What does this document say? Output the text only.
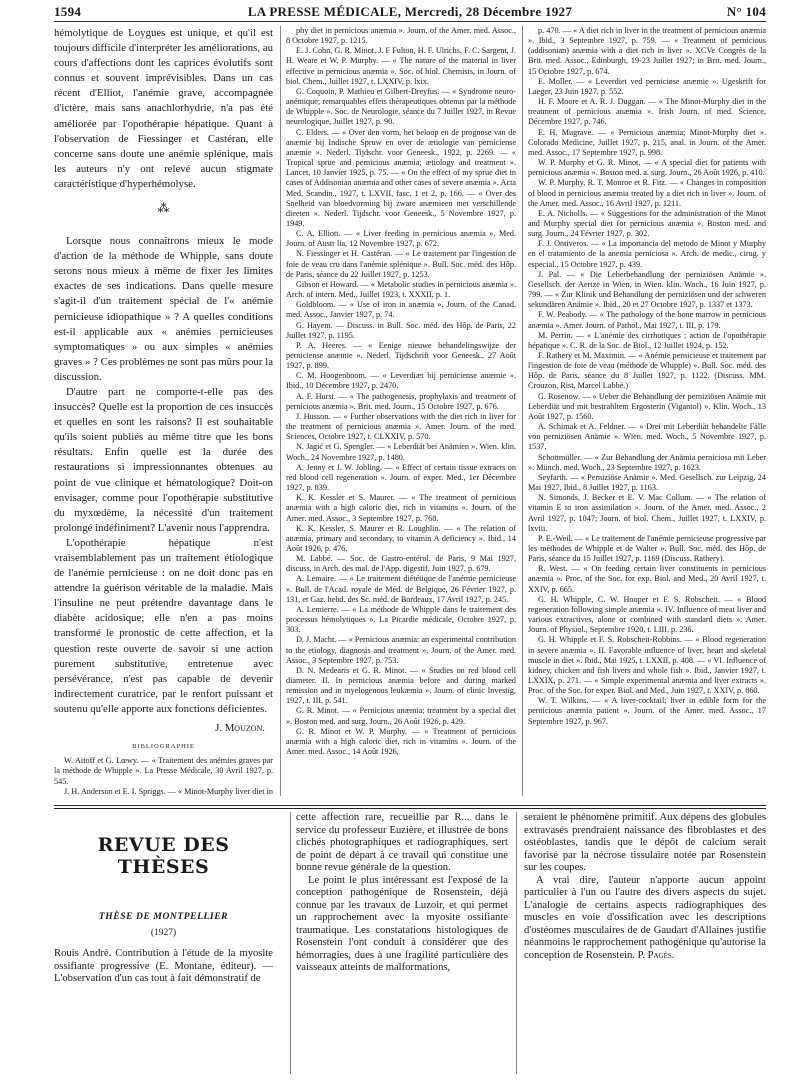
1594	LA PRESSE MÉDICALE, Mercredi, 28 Décembre 1927	N° 104

hémolytique de Loygues est unique, et qu'il est toujours difficile d'interpréter les améliorations, au cours d'affections dont les caprices évolutifs sont connus et souvent imprévisibles. Dans un cas récent d'Elliot, l'anémie grave, accompagnée d'ictère, mais sans anachlorhydrie, n'a pas été améliorée par l'opothérapie hépatique. Quant à l'observation de Fiessinger et Castéran, elle concerne sans doute une anémie splénique, mais les auteurs n'y ont relevé aucun stigmate caractéristique d'hyperhémolyse.

⁂

Lorsque nous connaîtrons mieux le mode d'action de la méthode de Whipple, sans doute serons nous mieux à même de fixer les limites exactes de ses indications. Dans quelle mesure s'agit-il d'un traitement spécial de l'« anémie pernicieuse idiopathique » ? A quelles conditions est-il applicable aux « anémies pernicieuses symptomatiques » ou aux simples « anémies graves » ? Ces problèmes ne sont pas mûrs pour la discussion.

D'autre part ne comporte-t-elle pas des insuccès? Quelle est la proportion de ces insuccès et quelles en sont les raisons? Il est souhaitable qu'ils soient publiés au même titre que les bons résultats. Enfin quelle est la durée des restaurations si impressionnantes obtenues au point de vue clinique et hématologique? Doit-on envisager, comme pour l'opothérapie substitutive du myxœdème, la nécessité d'un traitement prolongé indéfiniment? L'avenir nous l'apprendra.

L'opothérapie hépatique n'est vraisemblablement pas un traitement étiologique de l'anémie pernicieuse : on ne doit donc pas en attendre la guérison véritable de la maladie. Mais l'insuline ne peut prétendre davantage dans le diabète acidosique; elle n'en a pas moins transformé le pronostic de cette affection, et la question reste ouverte de savoir si une action purement substitutive, entretenue avec persévérance, n'est pas capable de devenir indirectement curatrice, par le renfort puissant et soutenu qu'elle apporte aux fonctions déficientes.

J. Mouzon.
BIBLIOGRAPHIE

W. Aitoff et G. Lœwy. — « Traitement des anémies graves par la méthode de Whipple ». La Presse Médicale, 30 Avril 1927, p. 545.

J. H. Anderson et E. I. Spriggs. — « Minot-Murphy liver diet in

phy diet in pernicious anæmia ». Journ. of the Amer. med. Assoc., 8 Octobre 1927, p. 1215.

E. J. Cohn, G. R. Minot, J. F Fulton, H. F. Ulrichs, F. C. Sargent, J. H. Weare et W. P. Murphy. — « The nature of the material in liver effective in pernicious anæmia ». Soc. of biol. Chemists, in Journ. of biol. Chem., Juillet 1927, t. LXXIV, p. lxix.

G. Coquoin, P. Mathieu et Gilbert-Dreyfus. — « Syndrome neuro-anémique; remarquables effets thérapeutiques obtenus par la méthode de Whipple ». Soc. de Neurologie, séance du 7 Juillet 1927, in Revue neurologique, Juillet 1927, p. 90.

C. Elders. — « Over den vorm, het beloop en de prognose van de anæmie bij Indische Spruw en over de ætiologie van perniciense anæmie ». Nederl. Tijdschr. voor Geneesk., 1922, p. 2269. — « Tropical sprue and pernicious anæmia; ætiology and treatment ». Lancet, 10 Janvier 1925, p. 75. — « On the effect of my sprue diet in cases of Addisonian anæmia and other cases of severe anæmia ». Acta Med. Scandin., 1927, t. LXVII, fasc. 1 et 2, p. 166. — « Over des Snelheid van bloedvorming bij zware anæmieen met verschillende dieeten ». Nederl. Tijdschr. voor Geneesk., 5 Novembre 1927, p. 1949.

C. A. Elliott. — « Liver feeding in pernicious anæmia ». Med. Journ. of Austr lia, 12 Novembre 1927, p. 672.

N. Fiessinger et H. Castéran. — « Le traitement par l'ingestion de foie de veau cru dans l'anémie splénique ». Bull. Soc. méd. des Hôp. de Paris, séance du 22 Juillet 1927, p. 1253.

Gibson et Howard. — « Metabolic studies in pernicious anæmia ». Arch. of intern. Med., Juillet 1923, t. XXXII, p. 1.

Goldbloom. — « Use of iron in anæmia ». Journ. of the Canad. med. Assoc., Janvier 1927, p. 74.

G. Hayem. — Discuss. in Bull. Soc. méd. des Hôp. de Paris, 22 Juillet 1927, p. 1195.

P. A. Heeres. — « Eenige nieuwe behandelingswijze der perniciense anæmie ». Nederl. Tijdschrift voor Geneesk., 27 Août 1927, p. 899.

C. M. Hoogenboom. — « Leverdiæt bij perniciense anæmie ». Ibid., 10 Décembre 1927, p. 2470.

A. F. Hurst. — « The pathogenesis, prophylaxis and treatment of pernicious anæmia ». Brit. med. Journ., 15 Octobre 1927, p. 676.

J. Husson. — « Further observations with the diet rich in liver for the treatment of pernicious anæmia ». Amer. Journ. of the med. Sciences, Octobre 1927, t. CLXXIV, p. 570.

N. Jagić et G. Spengler. — « Leberdiät bei Anämien ». Wien. klin. Woch., 24 Novembre 1927, p. 1480.

A. Jenny et J. W. Jobling. — « Effect of certain tissue extracts on red blood cell regeneration ». Journ. of exper. Med., 1er Décembre 1927, p. 839.

K. K. Kessler et S. Maurer. — « The treatment of pernicious anæmia with a high caloric diet, rich in vitamins ». Journ. of the Amer. med. Assoc., 3 Septembre 1927, p. 768.

K. K. Kessler, S. Maurer et R. Loughlin. — « The relation of anæmia, primary and secondary, to vitamin A deficiency ». Ibid., 14 Août 1926, p. 476.

M. Labbé. — Soc. de Gastro-entérol. de Paris, 9 Mai 1927, discuss. in Arch. des mal. de l'App. digestif, Juin 1927, p. 679.

A. Lemaire. — « Le traitement diététique de l'anémie pernicieuse ». Bull. de l'Acad. royale de Méd. de Belgique, 26 Février 1927, p. 131, et Gaz. hebd. des Sc. méd. de Bordeaux, 17 Avril 1927, p. 245.

A. Lemierre. — « La méthode de Whipple dans le traitement des processus hémolytiques ». La Picardie médicale, Octobre 1927, p. 303.

D. J. Macht. — « Pernicious anæmia: an experimental contribution to the etiology, diagnosis and treatment ». Journ. of the Amer. med. Assoc., 3 Septembre 1927, p. 753.

D. N. Medearis et G. R. Minot. — « Studies on red blood cell diameter. II. In pernicious anæmia before and during marked remission and in myelogenous leukæmia ». Journ. of clinic Investig, 1927, t. III, p. 541.

G. R. Minot. — « Pernicious anæmia; treatment by a special diet ». Boston med. and surg. Journ., 26 Août 1926, p. 429.

G. R. Minot et W. P. Murphy. — « Treatment of pernicious anæmia with a high caloric diet, rich in vitamins ». Journ. of the Amer. med. Assoc., 14 Août 1926,

p. 470. — « A diet rich in liver in the treatment of pernicious anæmia ». Ibid., 3 Septembre 1927, p. 759. — « Treatment of pernicious (addisonian) anæmia with a diet rich in liver ». XCVe Congrès de la Brit. med. Assoc., Edinburgh, 19-23 Juillet 1927; in Brit. med. Journ., 15 Octobre 1927, p. 674.

E. Moller. — « Leverdiet ved perniciøse anæmie ». Ugeskrift for Laeger, 23 Juin 1927, p. 552.

H. F. Moore et A. R. J. Duggan. — « The Minot-Murphy diet in the treatment of pernicious anæmia ». Irish Journ. of med. Science, Décembre 1927, p. 746.

E. H. Mugrave. — « Pernicious anæmia; Minot-Murphy diet ». Colorado Medicine, Juillet 1927, p. 215, anal. in Journ. of the Amer. med. Assoc., 17 Septembre 1927, p. 998.

W. P. Murphy et G. R. Minot. — « A special diet for patients with pernicious anæmia ». Boston med. a. surg. Journ., 26 Août 1926, p. 410.

W. P. Murphy, R. T. Monroe et R. Fitz. — « Changes in composition of blood in pernicious anæmia treated by a diet rich in liver ». Journ. of the Amer. med. Assoc., 16 Avril 1927, p. 1211.

E. A. Nicholls. — « Suggestions for the administration of the Minot and Murphy special diet for pernicious anæmia ». Boston med. and surg. Journ., 24 Février 1927, p. 302.

F. J. Ontiveros. — « La importancia del metodo de Minot y Murphy en el tratamiento de la anemia perniciosa ». Arch. de medic., cirug. y especial., 15 Octobre 1927, p. 439.

J. Pal. — « Die Leberbehandlung der perniziösen Anämie ». Gesellsch. der Aertze in Wien, in Wien. klin. Woch., 16 Juin 1927, p. 799. — « Zur Klinik und Behandlung der perniziösen und der schweren sekundären Anämie ». Ibid., 20 et 27 Octobre 1927, p. 1337 et 1373.

F. W. Peabody. — « The pathology of the bone marrow in pernicious anæmia ». Amer. Journ. of Pathol., Mai 1927, t. III, p. 179.

M. Perrin. — « L'anémie des cirrhotiques ; action de l'opothérapie hépatique ». C. R. de la Soc. de Biol., 12 Juillet 1924, p. 152.

F. Rathery et M. Maximin. — « Anémie pernicieuse et traitement par l'ingestion de foie de veau (méthode de Whipple) ». Bull. Soc. méd. des Hôp. de Paris, séance du 8 Juillet 1927, p. 1122. (Discuss. MM. Crouzon, Rist, Marcel Labbé.)

G. Rosenow. — « Ueber die Behandlung der perniziösen Anämie mit Leberdiät und mit bestrahltem Ergosterin (Vigantol) ». Klin. Woch., 13 Août 1927, p. 1560.

A. Schimak et A. Feldner. — « Drei mit Leberdiät behandelte Fälle von perniziösen Anämie ». Wien. med. Woch., 5 Novembre 1927, p. 1537.

Schottmüller. — « Zur Behandlung der Anämia perniciosa mit Leber ». Münch. med. Woch., 23 Septembre 1927, p. 1623.

Seyfarth. — « Perniziöse Anämie ». Med. Gesellsch. zur Leipzig, 24 Mai 1927, Ibid., 8 Juillet 1927, p. 1163.

N. Simonds, J. Becker et E. V. Mac Collum. — « The relation of vitamin E to iron assimilation ». Journ. of the Amer. med. Assoc., 2 Avril 1927, p. 1047; Journ. of biol. Chem., Juillet 1927, t. LXXIV, p. lxviii.

P. E.-Weil. — « Le traitement de l'anémie pernicieuse progressive par les méthodes de Whipple et de Walter ». Bull. Soc. méd. des Hôp. de Paris, séance du 15 Juillet 1927, p. 1169 (Discuss. Rathery).

R. West. — « On feeding certain liver constituents in pernicious anæmia ». Proc. of the Soc. for exp. Biol. and Med., 20 Avril 1927, t. XXIV, p. 665.

G. H. Whipple, C. W. Hooper et F. S. Robscheit. — « Blood regeneration following simple anæmia ». IV. Influence of meat liver and various extractives, alone or combined with standard diets ». Amer. Journ. of Physiol., Septembre 1920, t. LIII, p. 236.

G. H. Whipple et F. S. Robscheit-Robbins. — « Blood regeneration in severe anæmia ». II. Favorable influence of liver, heart and skeletal muscle in diet ». Ibid., Mai 1925, t. LXXII, p. 408. — « VI. Influence of kidney, chicken and fish livers and whole fish ». Ibid., Janvier 1927, t. LXXIX, p. 271. — « Simple experimental anæmia and liver extracts ». Proc. of the Soc. for exper. Biol. and Med., Juin 1927, t. XXIV, p. 860.

W. T. Wilkins. — « A liver-cocktail; liver in edible form for the pernicious anæmia patient ». Journ. of the Amer. med. Assoc., 17 Septembre 1927, p. 967.

REVUE DES THÈSES
THÈSE DE MONTPELLIER
(1927)

Rouis André. Contribution à l'étude de la myosite ossifiante progressive (E. Montane, éditeur). — L'observation d'un cas tout à fait démonstratif de

cette affection rare, recueillie par R... dans le service du professeur Euzière, et illustrée de bons clichés photographiques et radiographiques, sert de point de départ à ce travail qui constitue une bonne revue générale de la question.

Le point le plus intéressant est l'exposé de la conception pathogénique de Rosenstein, déjà connue par les travaux de Luzoir, et qui permet un rapprochement avec la myosite ossifiante traumatique. Les constatations histologiques de Rosenstein l'ont conduit à considérer que des hémorragies, dues à une fragilité particulière des vaisseaux atteints de malformations,

seraient le phénomène primitif. Aux dépens des globules extravasés prendraient naissance des fibroblastes et des ostéoblastes, tandis que le dépôt de calcium serait favorisé par la nécrose tissulaire notée par Rosenstein sur les coupes.

A vrai dire, l'auteur n'apporte aucun appoint particulier à l'un ou l'autre des divers aspects du sujet. L'analogie de certains aspects radiographiques des muscles en voie d'ossification avec les descriptions d'ostéomes musculaires de de Gaudart d'Allaines justifie néanmoins le rapprochement pathogénique qu'autorise la conception de Rosenstein. P. Pagès.
